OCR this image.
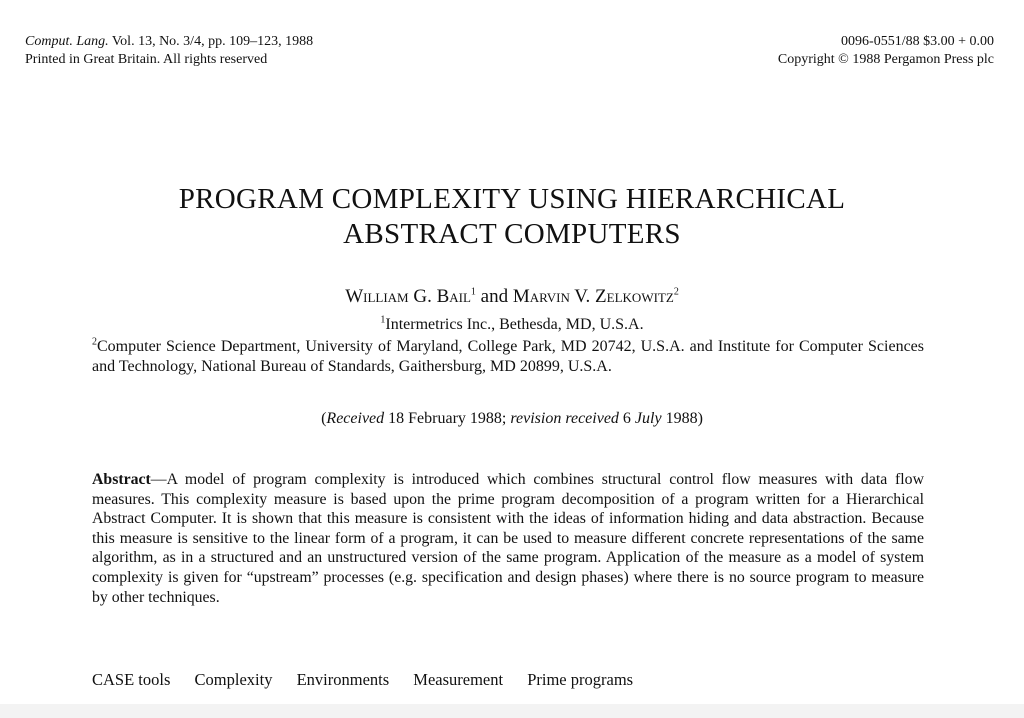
Comput. Lang. Vol. 13, No. 3/4, pp. 109–123, 1988
Printed in Great Britain. All rights reserved
0096-0551/88 $3.00 + 0.00
Copyright © 1988 Pergamon Press plc
PROGRAM COMPLEXITY USING HIERARCHICAL
ABSTRACT COMPUTERS
William G. Bail$^1$ and Marvin V. Zelkowitz$^2$
$^1$Intermetrics Inc., Bethesda, MD, U.S.A.
$^2$Computer Science Department, University of Maryland, College Park, MD 20742, U.S.A. and Institute for Computer Sciences and Technology, National Bureau of Standards, Gaithersburg, MD 20899, U.S.A.
(Received 18 February 1988; revision received 6 July 1988)
Abstract—A model of program complexity is introduced which combines structural control flow measures with data flow measures. This complexity measure is based upon the prime program decomposition of a program written for a Hierarchical Abstract Computer. It is shown that this measure is consistent with the ideas of information hiding and data abstraction. Because this measure is sensitive to the linear form of a program, it can be used to measure different concrete representations of the same algorithm, as in a structured and an unstructured version of the same program. Application of the measure as a model of system complexity is given for “upstream” processes (e.g. specification and design phases) where there is no source program to measure by other techniques.
CASE tools Complexity Environments Measurement Prime programs
